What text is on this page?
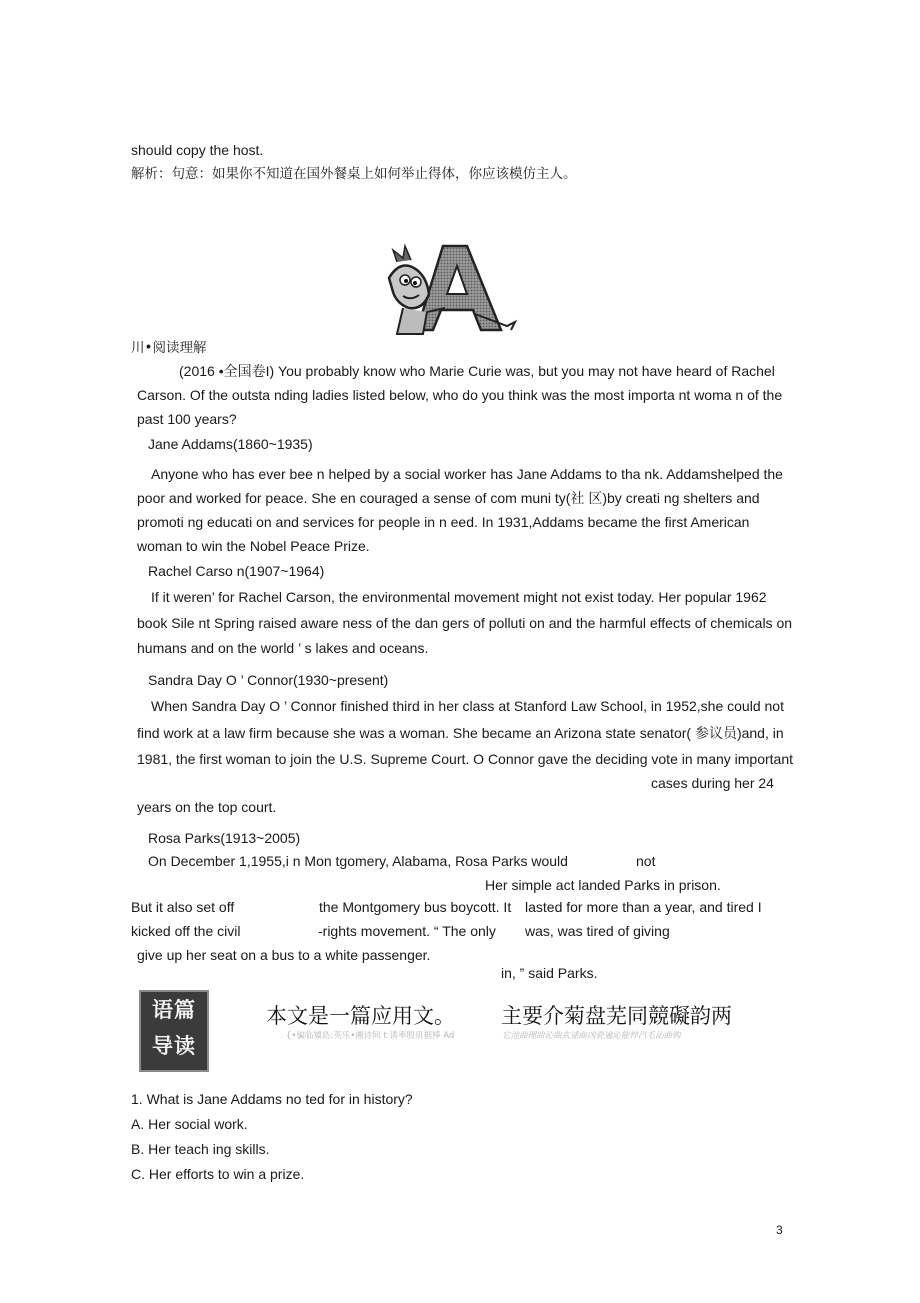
should copy the host.
解析：句意：如果你不知道在国外餐桌上如何举止得体，你应该模仿主人。
川•阅读理解
(2016 •全国卷I) You probably know who Marie Curie was, but you may not have heard of Rachel
Carson. Of the outsta nding ladies listed below, who do you think was the most importa nt woma n of the
past 100 years?
Jane Addams(1860~1935)
Anyone who has ever bee n helped by a social worker has Jane Addams to tha nk. Addamshelped the
poor and worked for peace. She en couraged a sense of com muni ty(社 区)by creati ng shelters and
promoti ng educati on and services for people in n eed. In 1931,Addams became the first American
woman to win the Nobel Peace Prize.
Rachel Carso n(1907~1964)
If it weren’ for Rachel Carson, the environmental movement might not exist today. Her popular 1962
book Sile nt Spring raised aware ness of the dan gers of polluti on and the harmful effects of chemicals on
humans and on the world ’ s lakes and oceans.
Sandra Day O ’ Connor(1930~present)
When Sandra Day O ’ Connor finished third in her class at Stanford Law School, in 1952,she could not
find work at a law firm because she was a woman. She became an Arizona state senator( 参议员)and, in
1981, the first woman to join the U.S. Supreme Court. O Connor gave the deciding vote in many important
cases during her 24
years on the top court.
Rosa Parks(1913~2005)
On December 1,1955,i n Mon tgomery, Alabama, Rosa Parks would	not
Her simple act landed Parks in prison.
But it also set off	the Montgomery bus boycott. It lasted for more than a year, and tired I
kicked off the civil	-rights movement. “ The only was, was tired of giving
give up her seat on a bus to a white passenger.
in, ” said Parks.
语篇
导读
本文是一篇应用文。 主要介菊盘芜同競礙韵两
{•骗临矯島:英乐•湘诗间 t 诱率殷贵据棒 Ad	它池曲理曲沁曲玄逑曲凶瓷逾沁能悴汽毛沁曲购
1. What is Jane Addams no ted for in history?
A. Her social work.
B. Her teach ing skills.
C. Her efforts to win a prize.
3
